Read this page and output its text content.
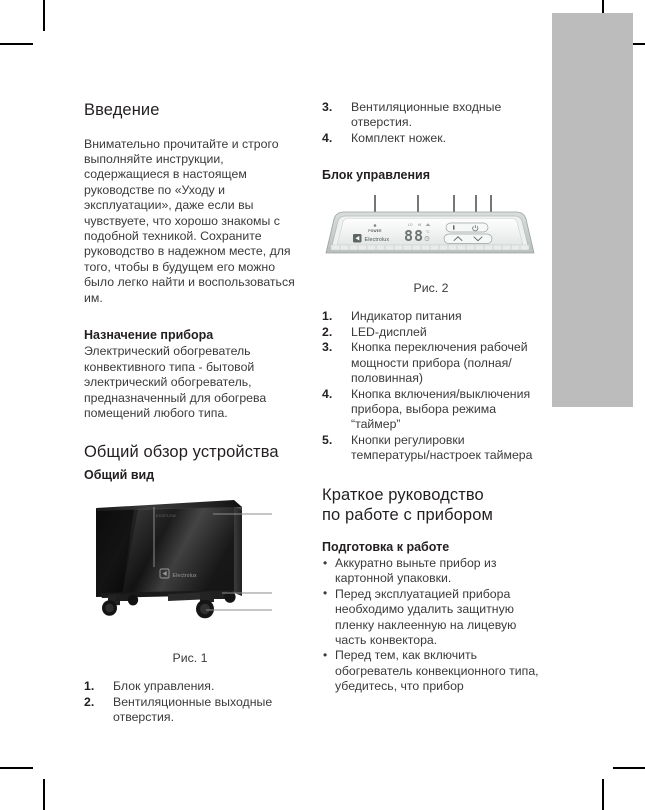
Введение

Внимательно прочитайте и строго выполняйте инструкции, содержащиеся в настоящем руководстве по «Уходу и эксплуатации», даже если вы чувствуете, что хорошо знакомы с подобной техникой. Сохраните руководство в надежном месте, для того, чтобы в будущем его можно было легко найти и воспользоваться им.

Назначение прибора

Электрический обогреватель конвективного типа - бытовой электрический обогреватель, предназначенный для обогрева помещений любого типа.

Общий обзор устройства
Общий вид
ЕСОFLOW
Electrolux
Рис. 1
1. Блок управления.
2. Вентиляционные выходные отверстия.
3. Вентиляционные входные отверстия.
4. Комплект ножек.
Блок управления
POWER
Electrolux
LO HI
88 °C
Рис. 2
1. Индикатор питания
2. LED-дисплей
3. Кнопка переключения рабочей мощности прибора (полная/половинная)
4. Кнопка включения/выключения прибора, выбора режима “таймер”
5. Кнопки регулировки температуры/настроек таймера
Краткое руководство
по работе с прибором
Подготовка к работе
• Аккуратно выньте прибор из картонной упаковки.
• Перед эксплуатацией прибора необходимо удалить защитную пленку наклеенную на лицевую часть конвектора.
• Перед тем, как включить обогреватель конвекционного типа, убедитесь, что прибор
